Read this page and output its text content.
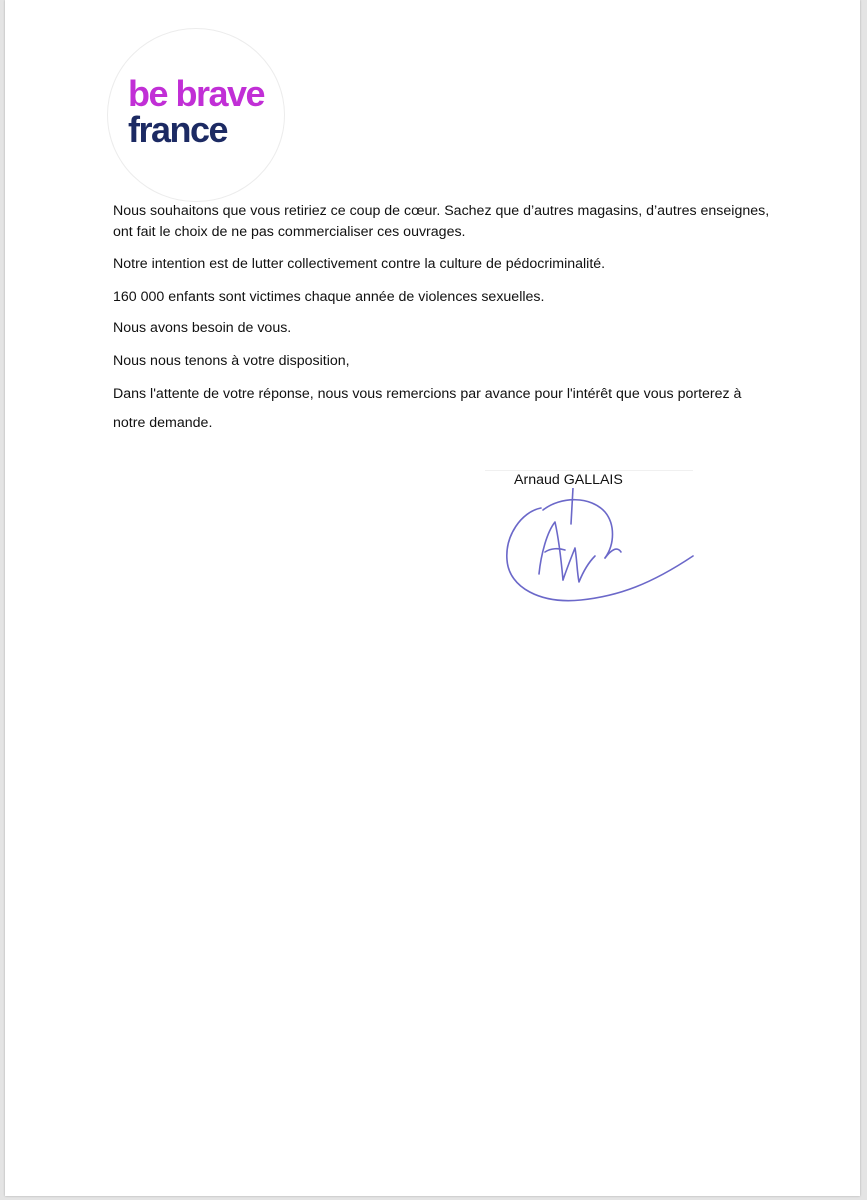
be brave
france
Nous souhaitons que vous retiriez ce coup de cœur. Sachez que d’autres magasins, d’autres enseignes,
ont fait le choix de ne pas commercialiser ces ouvrages.
Notre intention est de lutter collectivement contre la culture de pédocriminalité.
160 000 enfants sont victimes chaque année de violences sexuelles.
Nous avons besoin de vous.
Nous nous tenons à votre disposition,
Dans l'attente de votre réponse, nous vous remercions par avance pour l'intérêt que vous porterez à
notre demande.
Arnaud GALLAIS
